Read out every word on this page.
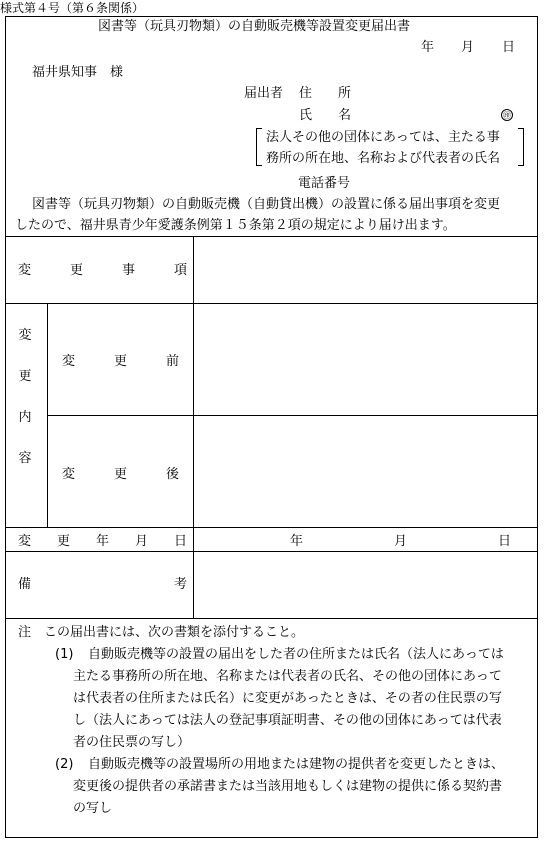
様式第４号（第６条関係）
図書等（玩具刃物類）の自動販売機等設置変更届出書
年 月 日
福井県知事　様
届出者 住　　所
氏　　名	㊞
法人その他の団体にあっては、主たる事
務所の所在地、名称および代表者の氏名
電話番号
図書等（玩具刃物類）の自動販売機（自動貸出機）の設置に係る届出事項を変更
したので、福井県青少年愛護条例第１５条第２項の規定により届け出ます。
変　　　更　　　事　　　項
変
更
内
容
変　　　更　　　前
変　　　更　　　後
変　　更　　年　　月　　日	年　　　　　　　月　　　　　　　日
備　　　　　　　　　　　考
注　この届出書には、次の書類を添付すること。
(1) 自動販売機等の設置の届出をした者の住所または氏名（法人にあっては
主たる事務所の所在地、名称または代表者の氏名、その他の団体にあって
は代表者の住所または氏名）に変更があったときは、その者の住民票の写
し（法人にあっては法人の登記事項証明書、その他の団体にあっては代表
者の住民票の写し）
(2) 自動販売機等の設置場所の用地または建物の提供者を変更したときは、
変更後の提供者の承諾書または当該用地もしくは建物の提供に係る契約書
の写し
